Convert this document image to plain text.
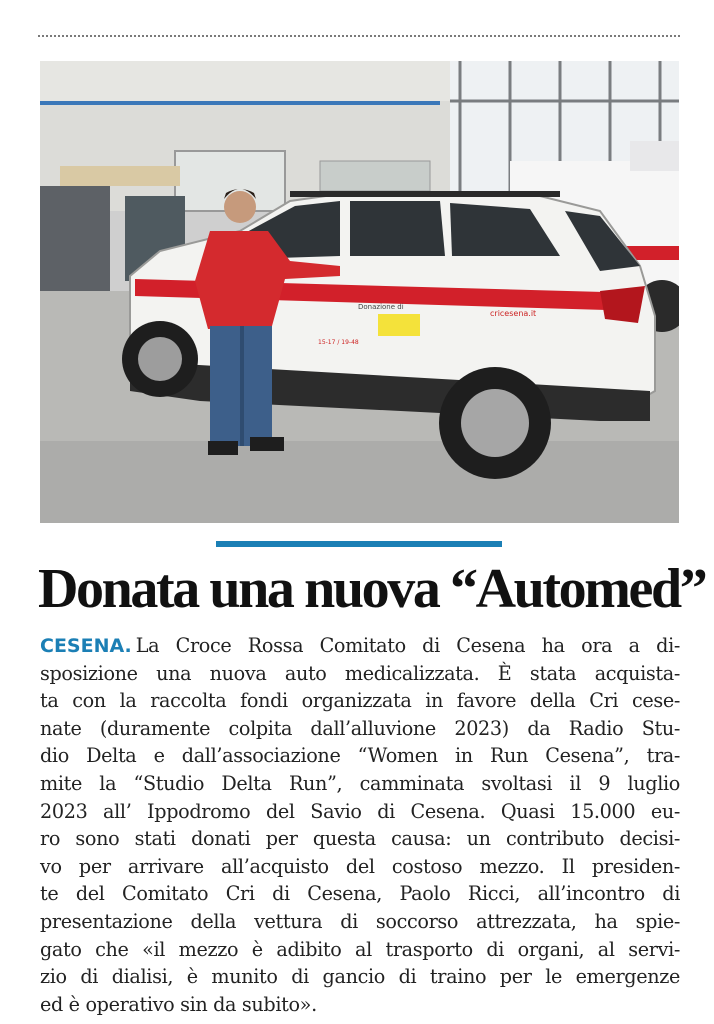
Donazione di
cricesena.it
15-17 / 19-48
Donata una nuova “Automed”

CESENA. La Croce Rossa Comitato di Cesena ha ora a di-
sposizione una nuova auto medicalizzata. È stata acquista-
ta con la raccolta fondi organizzata in favore della Cri cese-
nate (duramente colpita dall’alluvione 2023) da Radio Stu-
dio Delta e dall’associazione “Women in Run Cesena”, tra-
mite la “Studio Delta Run”, camminata svoltasi il 9 luglio
2023 all’ Ippodromo del Savio di Cesena. Quasi 15.000 eu-
ro sono stati donati per questa causa: un contributo decisi-
vo per arrivare all’acquisto del costoso mezzo. Il presiden-
te del Comitato Cri di Cesena, Paolo Ricci, all’incontro di
presentazione della vettura di soccorso attrezzata, ha spie-
gato che «il mezzo è adibito al trasporto di organi, al servi-
zio di dialisi, è munito di gancio di traino per le emergenze
ed è operativo sin da subito».
